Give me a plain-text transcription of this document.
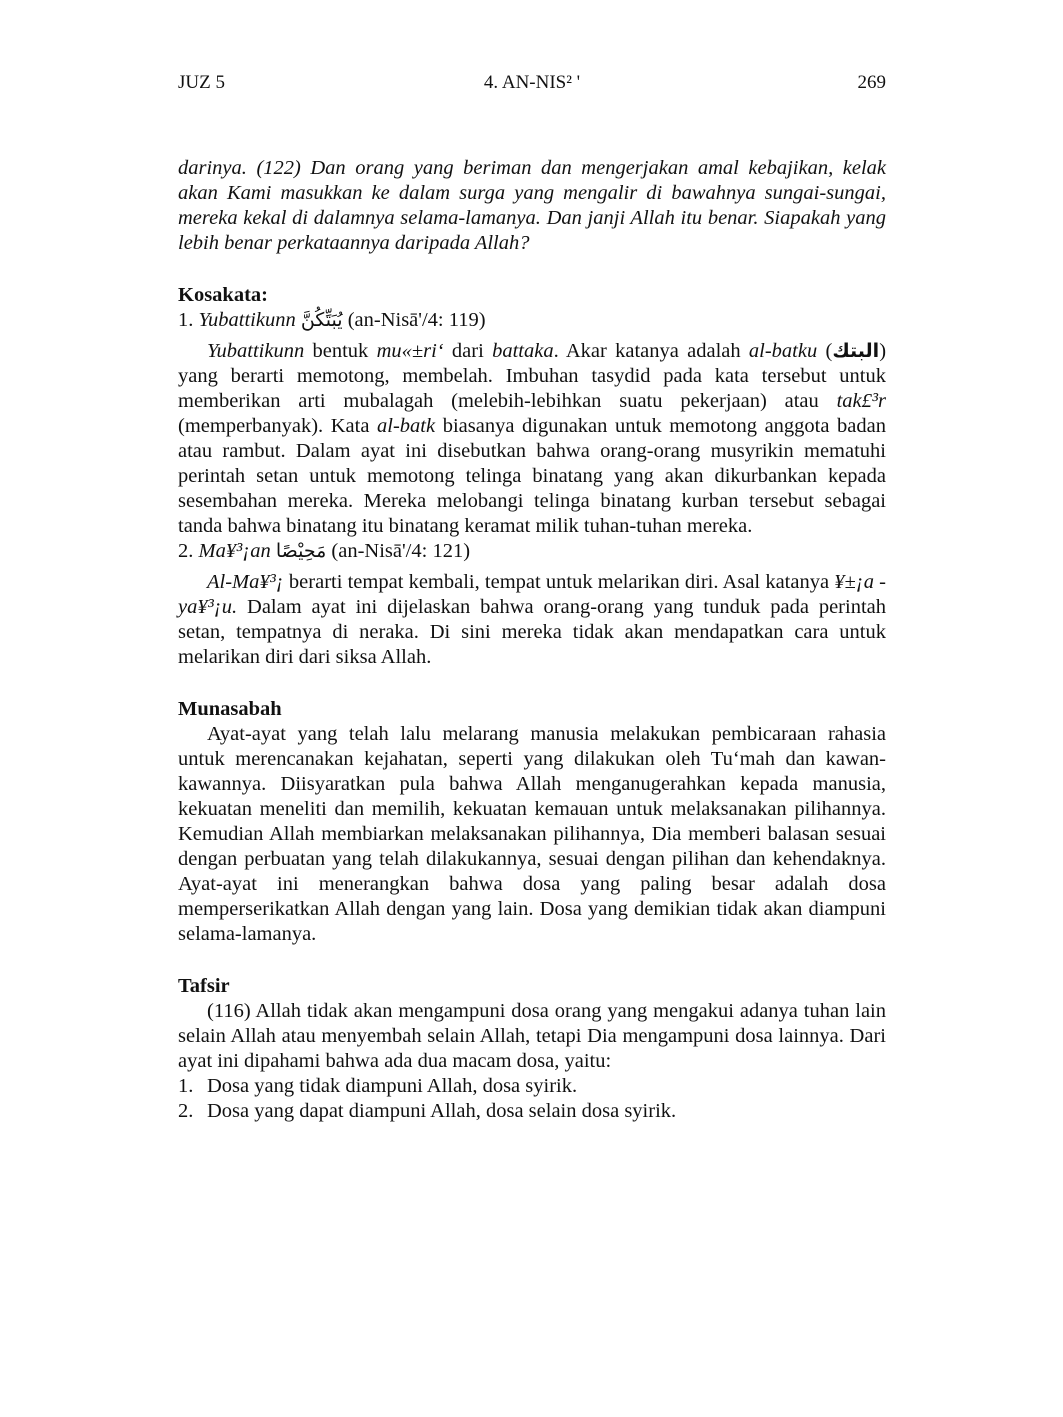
JUZ 5	4. AN-NIS² '	269

darinya. (122) Dan orang yang beriman dan mengerjakan amal kebajikan, kelak akan Kami masukkan ke dalam surga yang mengalir di bawahnya sungai-sungai, mereka kekal di dalamnya selama-lamanya. Dan janji Allah itu benar. Siapakah yang lebih benar perkataannya daripada Allah?

Kosakata:
1. Yubattikunn يُبَتِّكُنَّ (an-Nisā'/4: 119)

Yubattikunn bentuk mu«±ri‘ dari battaka. Akar katanya adalah al-batku (البتك) yang berarti memotong, membelah. Imbuhan tasydid pada kata tersebut untuk memberikan arti mubalagah (melebih-lebihkan suatu pekerjaan) atau tak£³r (memperbanyak). Kata al-batk biasanya digunakan untuk memotong anggota badan atau rambut. Dalam ayat ini disebutkan bahwa orang-orang musyrikin mematuhi perintah setan untuk memotong telinga binatang yang akan dikurbankan kepada sesembahan mereka. Mereka melobangi telinga binatang kurban tersebut sebagai tanda bahwa binatang itu binatang keramat milik tuhan-tuhan mereka.

2. Ma¥³¡an مَحِيْصًا (an-Nisā'/4: 121)

Al-Ma¥³¡ berarti tempat kembali, tempat untuk melarikan diri. Asal katanya ¥±¡a - ya¥³¡u. Dalam ayat ini dijelaskan bahwa orang-orang yang tunduk pada perintah setan, tempatnya di neraka. Di sini mereka tidak akan mendapatkan cara untuk melarikan diri dari siksa Allah.

Munasabah

Ayat-ayat yang telah lalu melarang manusia melakukan pembicaraan rahasia untuk merencanakan kejahatan, seperti yang dilakukan oleh Tu‘mah dan kawan-kawannya. Diisyaratkan pula bahwa Allah menganugerahkan kepada manusia, kekuatan meneliti dan memilih, kekuatan kemauan untuk melaksanakan pilihannya. Kemudian Allah membiarkan melaksanakan pilihannya, Dia memberi balasan sesuai dengan perbuatan yang telah dilakukannya, sesuai dengan pilihan dan kehendaknya. Ayat-ayat ini menerangkan bahwa dosa yang paling besar adalah dosa memperserikatkan Allah dengan yang lain. Dosa yang demikian tidak akan diampuni selama-lamanya.

Tafsir

(116) Allah tidak akan mengampuni dosa orang yang mengakui adanya tuhan lain selain Allah atau menyembah selain Allah, tetapi Dia mengampuni dosa lainnya. Dari ayat ini dipahami bahwa ada dua macam dosa, yaitu:

1. Dosa yang tidak diampuni Allah, dosa syirik.
2. Dosa yang dapat diampuni Allah, dosa selain dosa syirik.
